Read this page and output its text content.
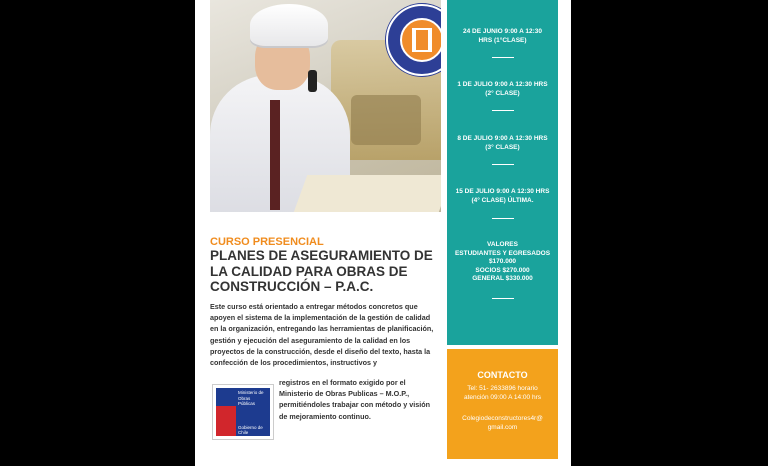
24 DE JUNIO 9:00 A 12:30
HRS (1°CLASE)
1 DE JULIO 9:00 A 12:30 HRS
(2° CLASE)
8 DE JULIO 9:00 A 12:30 HRS
(3° CLASE)
15 DE JULIO 9:00 A 12:30 HRS
(4° CLASE) ÚLTIMA.
VALORES
ESTUDIANTES Y EGRESADOS
$170.000
SOCIOS $270.000
GENERAL $330.000
CONTACTO
Tel: 51- 2633896 horario atención 09:00 A 14:00 hrs
Colegiodeconstructores4r@ gmail.com
CURSO PRESENCIAL
PLANES DE ASEGURAMIENTO DE
LA CALIDAD PARA OBRAS DE
CONSTRUCCIÓN – P.A.C.
Este curso está orientado a entregar métodos concretos que apoyen el sistema de la implementación de la gestión de calidad en la organización, entregando las herramientas de planificación, gestión y ejecución del aseguramiento de la calidad en los proyectos de la construcción, desde el diseño del texto, hasta la confección de los procedimientos, instructivos y
registros en el formato exigido por el Ministerio de Obras Publicas – M.O.P., permitiéndoles trabajar con método y visión de mejoramiento continuo.
Ministerio de Obras Públicas
Gobierno de Chile
